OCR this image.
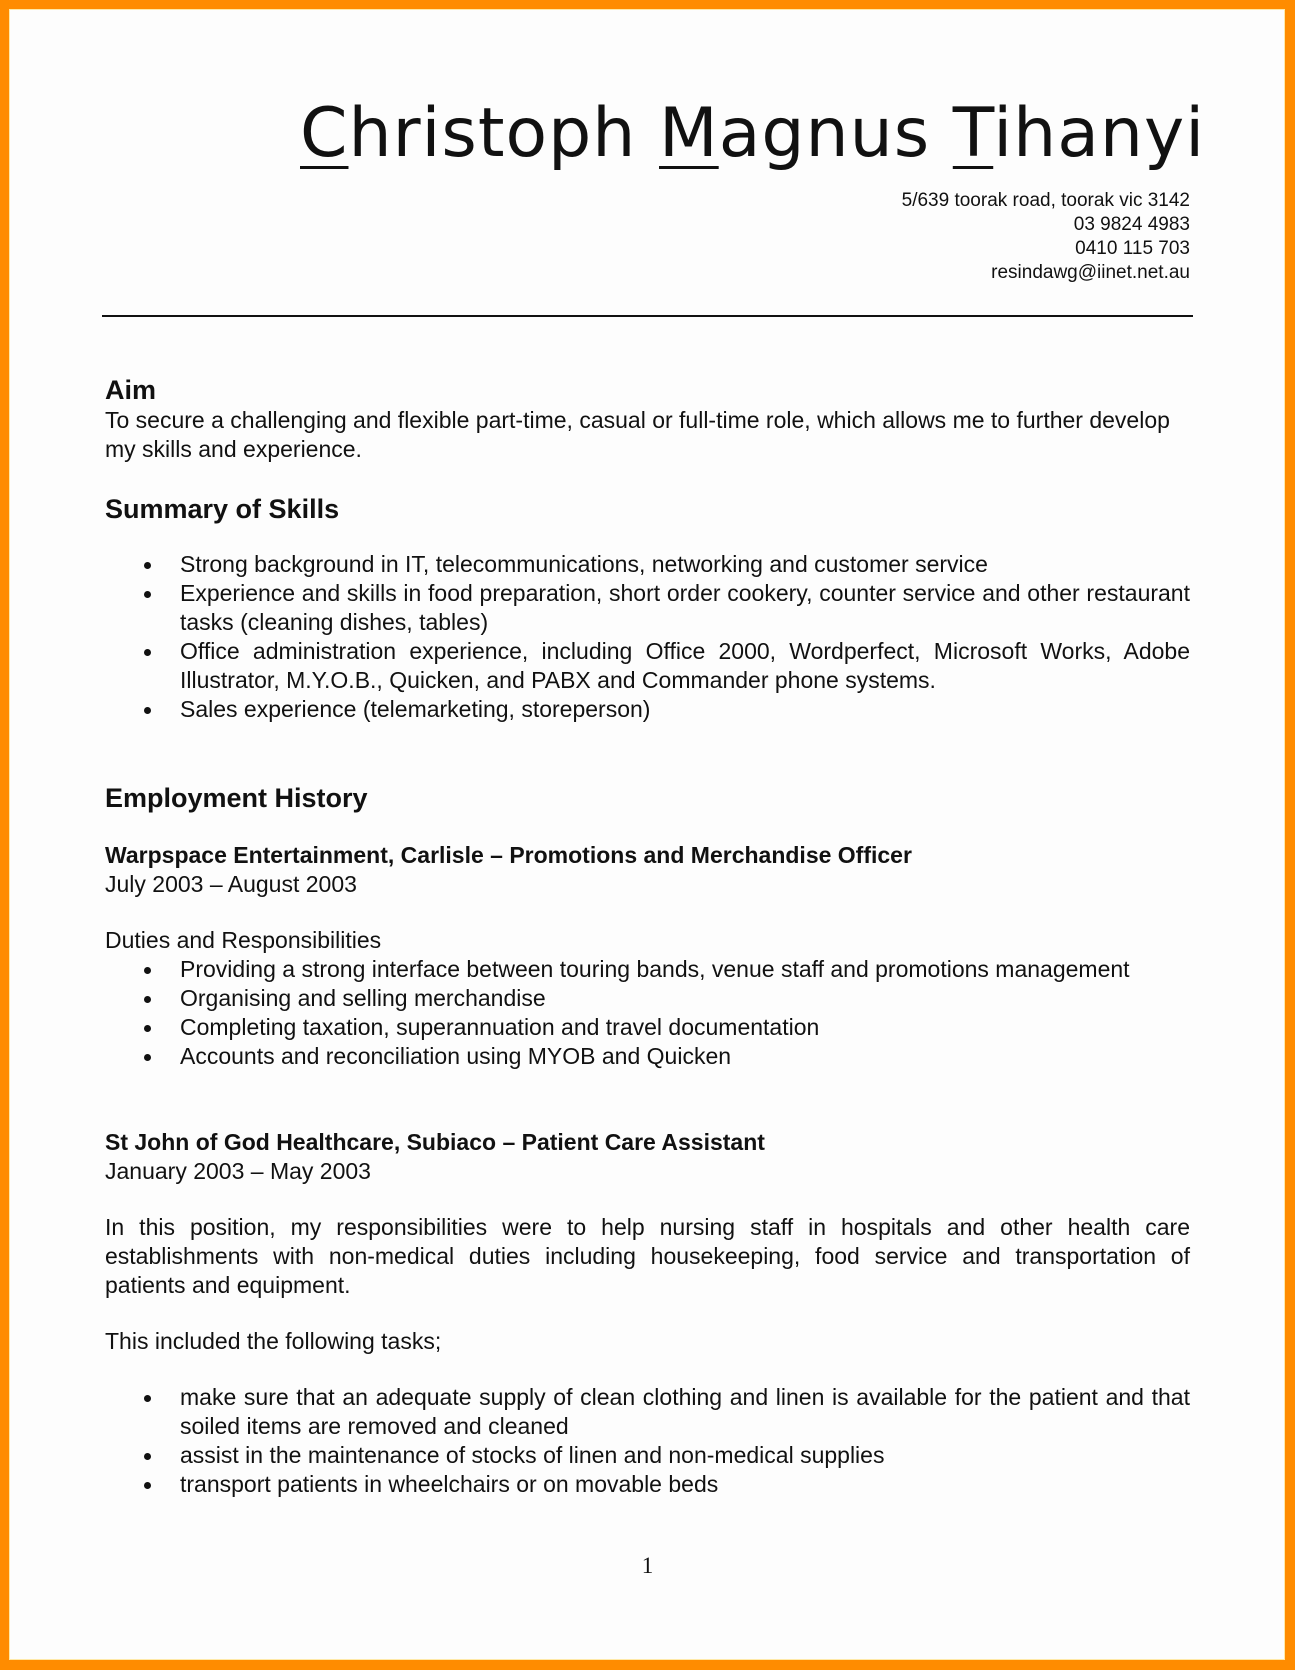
Christoph Magnus Tihanyi
5/639 toorak road, toorak vic 3142
03 9824 4983
0410 115 703
resindawg@iinet.net.au
Aim

To secure a challenging and flexible part-time, casual or full-time role, which allows me to further develop my skills and experience.

Summary of Skills
Strong background in IT, telecommunications, networking and customer service
Experience and skills in food preparation, short order cookery, counter service and other restaurant tasks (cleaning dishes, tables)
Office administration experience, including Office 2000, Wordperfect, Microsoft Works, Adobe Illustrator, M.Y.O.B., Quicken, and PABX and Commander phone systems.
Sales experience (telemarketing, storeperson)
Employment History

Warpspace Entertainment, Carlisle – Promotions and Merchandise Officer

July 2003 – August 2003

Duties and Responsibilities

Providing a strong interface between touring bands, venue staff and promotions management
Organising and selling merchandise
Completing taxation, superannuation and travel documentation
Accounts and reconciliation using MYOB and Quicken

St John of God Healthcare, Subiaco – Patient Care Assistant

January 2003 – May 2003

In this position, my responsibilities were to help nursing staff in hospitals and other health care establishments with non-medical duties including housekeeping, food service and transportation of patients and equipment.

This included the following tasks;

make sure that an adequate supply of clean clothing and linen is available for the patient and that soiled items are removed and cleaned
assist in the maintenance of stocks of linen and non-medical supplies
transport patients in wheelchairs or on movable beds
1
